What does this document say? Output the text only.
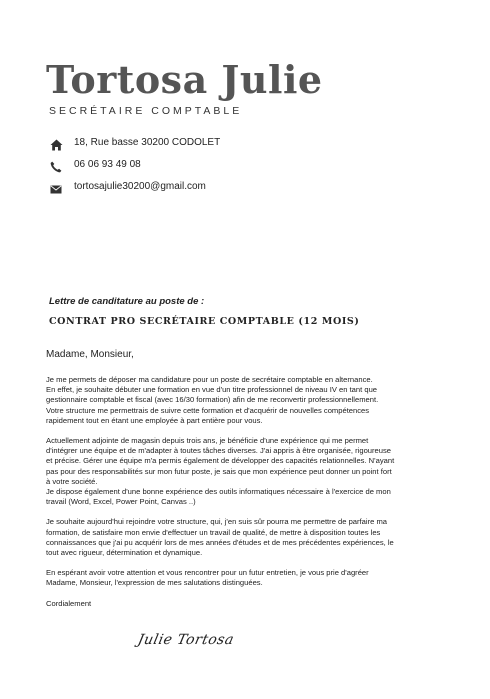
Tortosa Julie
SECRÉTAIRE COMPTABLE
18, Rue basse 30200 CODOLET
06 06 93 49 08
tortosajulie30200@gmail.com
Lettre de canditature au poste de :
CONTRAT PRO SECRÉTAIRE COMPTABLE (12 MOIS)
Madame, Monsieur,
Je me permets de déposer ma candidature pour un poste de secrétaire comptable en alternance.
En effet, je souhaite débuter une formation en vue d'un titre professionnel de niveau IV en tant que
gestionnaire comptable et fiscal (avec 16/30 formation) afin de me reconvertir professionnellement.
Votre structure me permettrais de suivre cette formation et d'acquérir de nouvelles compétences
rapidement tout en étant une employée à part entière pour vous.
Actuellement adjointe de magasin depuis trois ans, je bénéficie d'une expérience qui me permet
d'intégrer une équipe et de m'adapter à toutes tâches diverses. J'ai appris à être organisée, rigoureuse
et précise. Gérer une équipe m'a permis également de développer des capacités relationnelles. N'ayant
pas pour des responsabilités sur mon futur poste, je sais que mon expérience peut donner un point fort
à votre société.
Je dispose également d'une bonne expérience des outils informatiques nécessaire à l'exercice de mon
travail (Word, Excel, Power Point, Canvas ..)
Je souhaite aujourd'hui rejoindre votre structure, qui, j'en suis sûr pourra me permettre de parfaire ma
formation, de satisfaire mon envie d'effectuer un travail de qualité, de mettre à disposition toutes les
connaissances que j'ai pu acquérir lors de mes années d'études et de mes précédentes expériences, le
tout avec rigueur, détermination et dynamique.
En espérant avoir votre attention et vous rencontrer pour un futur entretien, je vous prie d'agréer
Madame, Monsieur, l'expression de mes salutations distinguées.
Cordialement
Julie Tortosa
